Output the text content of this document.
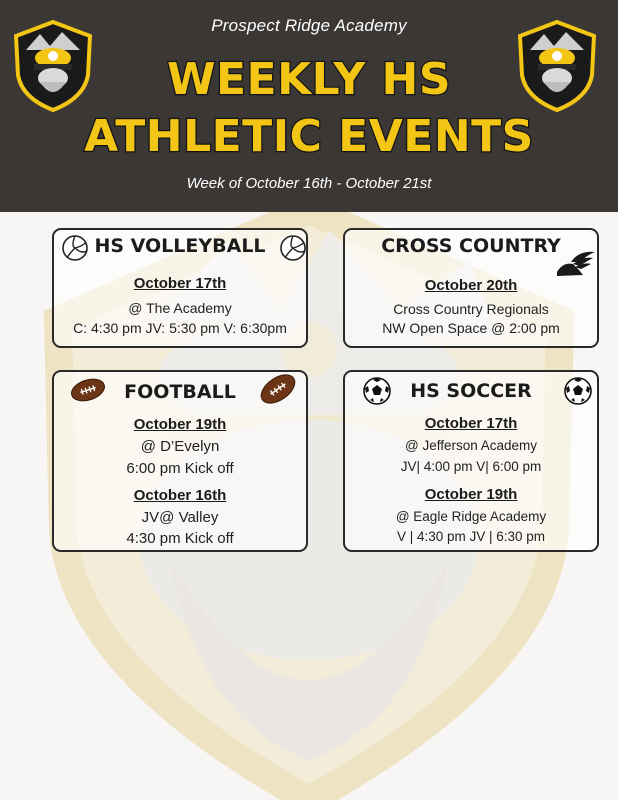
Prospect Ridge Academy
WEEKLY HS
ATHLETIC EVENTS
Week of October 16th - October 21st
HS VOLLEYBALL
October 17th
@ The Academy
C: 4:30 pm JV: 5:30 pm V: 6:30pm
CROSS COUNTRY
October 20th
Cross Country Regionals
NW Open Space @ 2:00 pm
FOOTBALL
October 19th
@ D’Evelyn
6:00 pm Kick off
October 16th
JV@ Valley
4:30 pm Kick off
HS SOCCER
October 17th
@ Jefferson Academy
JV| 4:00 pm V| 6:00 pm
October 19th
@ Eagle Ridge Academy
V | 4:30 pm JV | 6:30 pm
